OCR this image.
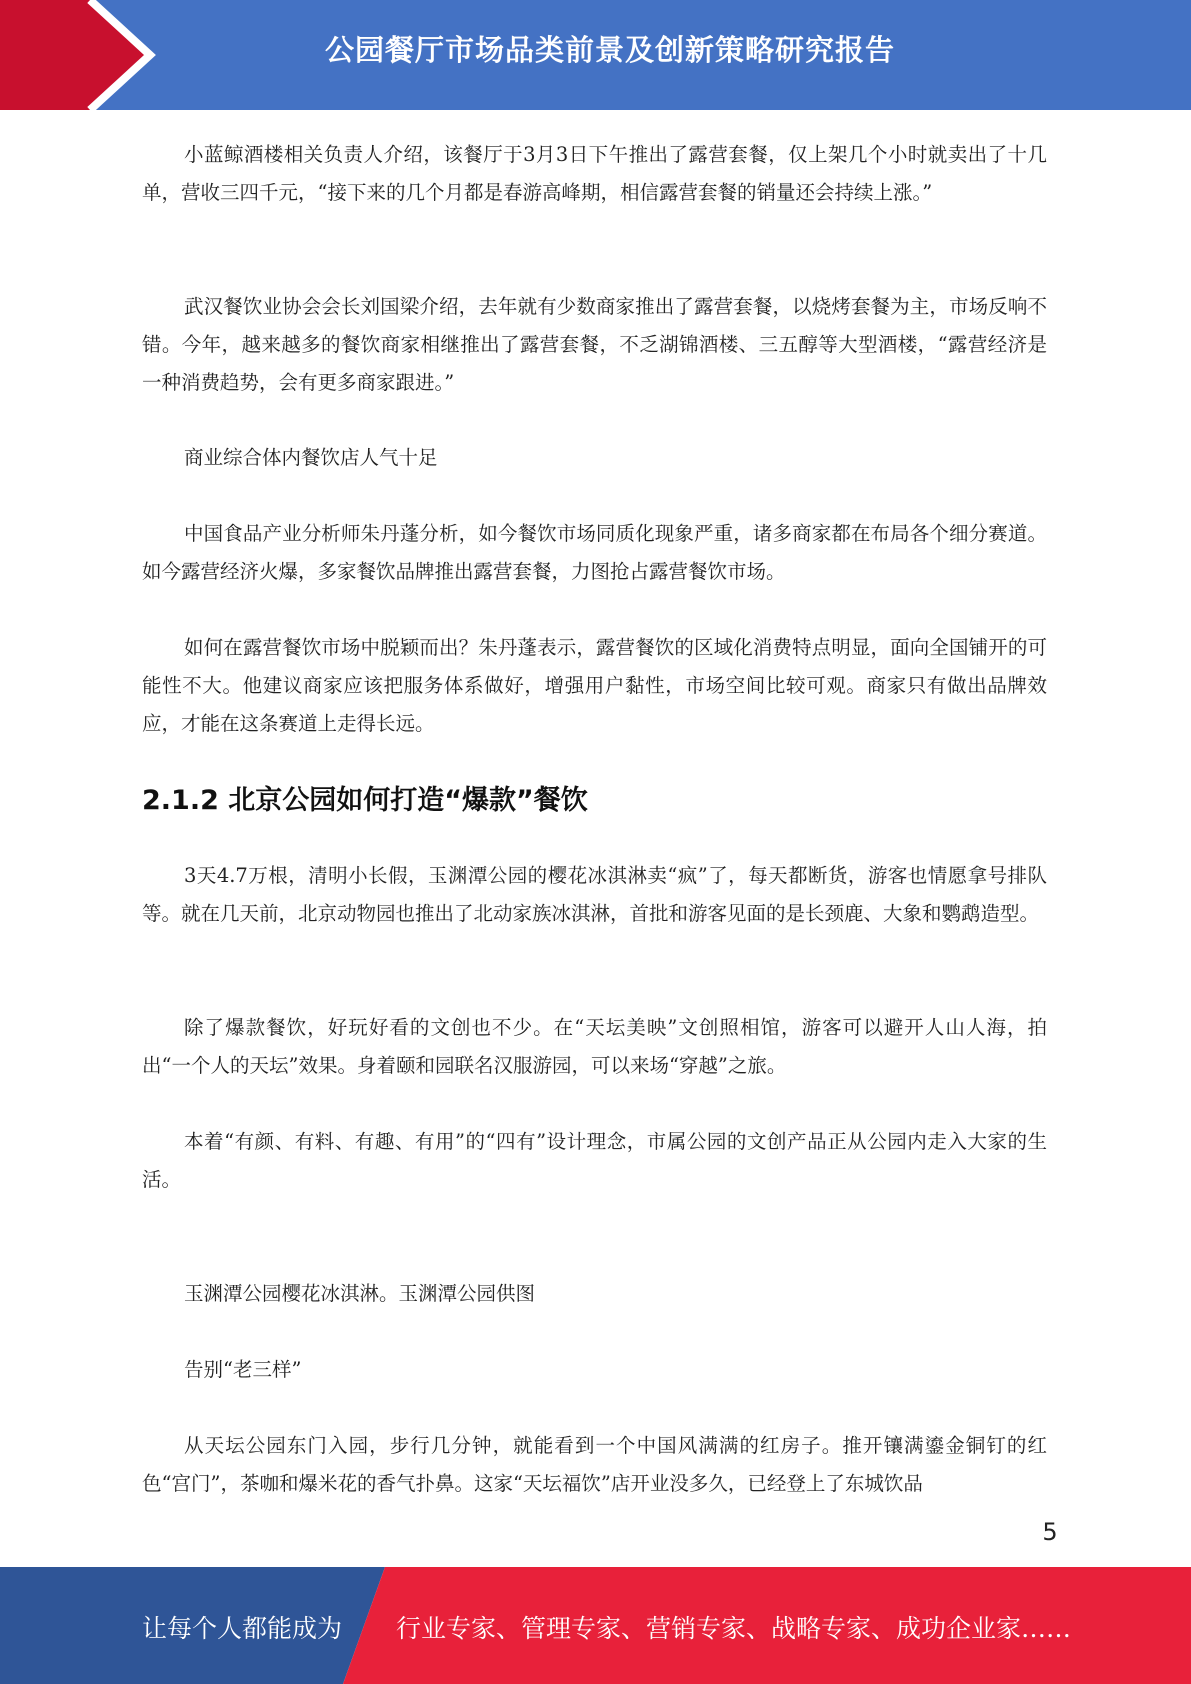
公园餐厅市场品类前景及创新策略研究报告
小蓝鲸酒楼相关负责人介绍，该餐厅于3月3日下午推出了露营套餐，仅上架几个小时就卖出了十几单，营收三四千元，“接下来的几个月都是春游高峰期，相信露营套餐的销量还会持续上涨。”
武汉餐饮业协会会长刘国梁介绍，去年就有少数商家推出了露营套餐，以烧烤套餐为主，市场反响不错。今年，越来越多的餐饮商家相继推出了露营套餐，不乏湖锦酒楼、三五醇等大型酒楼，“露营经济是一种消费趋势，会有更多商家跟进。”
商业综合体内餐饮店人气十足
中国食品产业分析师朱丹蓬分析，如今餐饮市场同质化现象严重，诸多商家都在布局各个细分赛道。如今露营经济火爆，多家餐饮品牌推出露营套餐，力图抢占露营餐饮市场。
如何在露营餐饮市场中脱颖而出？朱丹蓬表示，露营餐饮的区域化消费特点明显，面向全国铺开的可能性不大。他建议商家应该把服务体系做好，增强用户黏性，市场空间比较可观。商家只有做出品牌效应，才能在这条赛道上走得长远。
2.1.2 北京公园如何打造“爆款”餐饮
3天4.7万根，清明小长假，玉渊潭公园的樱花冰淇淋卖“疯”了，每天都断货，游客也情愿拿号排队等。就在几天前，北京动物园也推出了北动家族冰淇淋，首批和游客见面的是长颈鹿、大象和鹦鹉造型。
除了爆款餐饮，好玩好看的文创也不少。在“天坛美映”文创照相馆，游客可以避开人山人海，拍出“一个人的天坛”效果。身着颐和园联名汉服游园，可以来场“穿越”之旅。
本着“有颜、有料、有趣、有用”的“四有”设计理念，市属公园的文创产品正从公园内走入大家的生活。
玉渊潭公园樱花冰淇淋。玉渊潭公园供图
告别“老三样”
从天坛公园东门入园，步行几分钟，就能看到一个中国风满满的红房子。推开镶满鎏金铜钉的红色“宫门”，茶咖和爆米花的香气扑鼻。这家“天坛福饮”店开业没多久，已经登上了东城饮品
5
让每个人都能成为 行业专家、管理专家、营销专家、战略专家、成功企业家……
